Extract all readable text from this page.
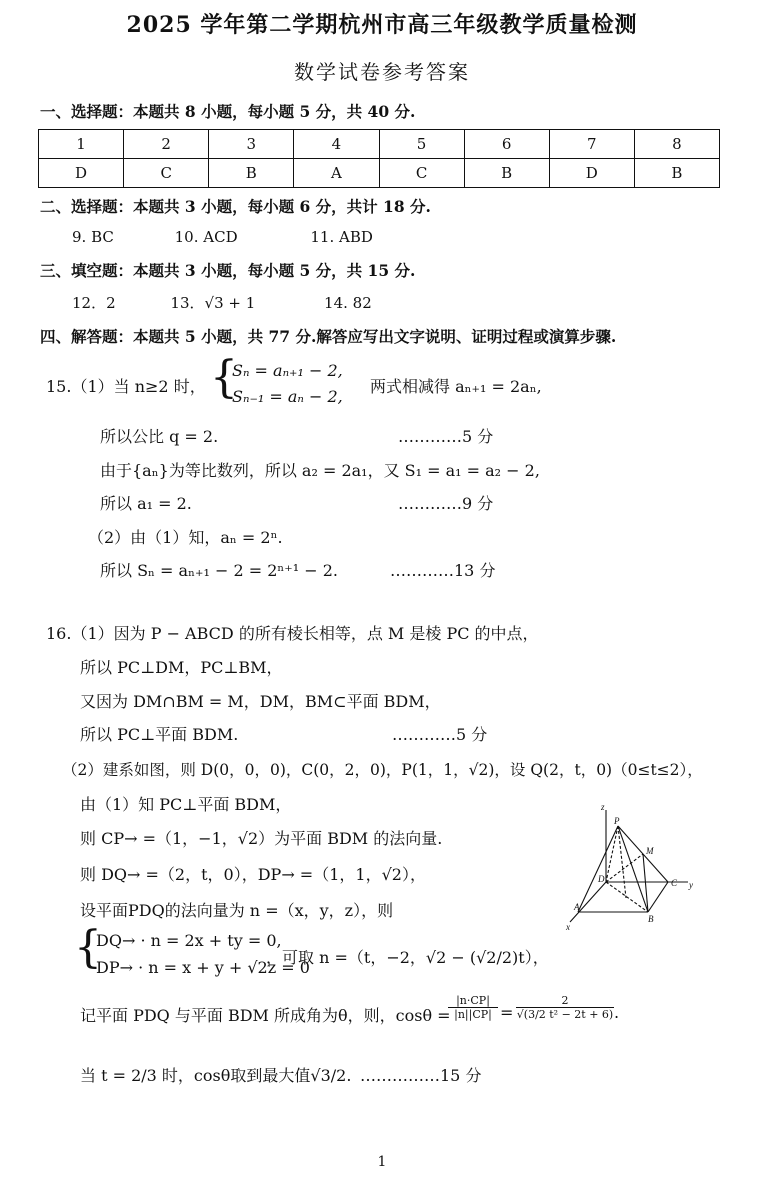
2025 学年第二学期杭州市高三年级教学质量检测
数学试卷参考答案
一、选择题：本题共 8 小题，每小题 5 分，共 40 分.
1	2	3	4	5	6	7	8
D	C	B	A	C	B	D	B
二、选择题：本题共 3 小题，每小题 6 分，共计 18 分.
9. BC	10. ACD	11. ABD
三、填空题：本题共 3 小题，每小题 5 分，共 15 分.
12．2	13．√3 + 1	14. 82
四、解答题：本题共 5 小题，共 77 分.解答应写出文字说明、证明过程或演算步骤.
15.（1）当 n≥2 时， {
Sₙ = aₙ₊₁ − 2,
Sₙ₋₁ = aₙ − 2,
两式相减得 aₙ₊₁ = 2aₙ,
所以公比 q = 2.	…………5 分
由于{aₙ}为等比数列，所以 a₂ = 2a₁，又 S₁ = a₁ = a₂ − 2,
所以 a₁ = 2.	…………9 分
（2）由（1）知，aₙ = 2ⁿ.
所以 Sₙ = aₙ₊₁ − 2 = 2ⁿ⁺¹ − 2.	…………13 分
16.（1）因为 P − ABCD 的所有棱长相等，点 M 是棱 PC 的中点，
所以 PC⊥DM，PC⊥BM，
又因为 DM∩BM = M，DM，BM⊂平面 BDM，
所以 PC⊥平面 BDM.	…………5 分
（2）建系如图，则 D(0，0，0)，C(0，2，0)，P(1，1，√2)，设 Q(2，t，0)（0≤t≤2），
由（1）知 PC⊥平面 BDM，
则 CP→ =（1，−1，√2）为平面 BDM 的法向量.
则 DQ→ =（2，t，0），DP→ =（1，1，√2），
设平面PDQ的法向量为 n =（x，y，z），则
{
DQ→ · n = 2x + ty = 0,
DP→ · n = x + y + √2z = 0
，可取 n =（t，−2，√2 − (√2/2)t），
记平面 PDQ 与平面 BDM 所成角为θ，则，cosθ =
$\frac{|n\cdot CP|}{|n||CP|} = \frac{2}{\text{√(3/2 t² − 2t + 6)}}$ .
当 t = 2/3 时，cosθ取到最大值√3/2. ……………15 分
z
P
M
D	C y
A
B
x
1
